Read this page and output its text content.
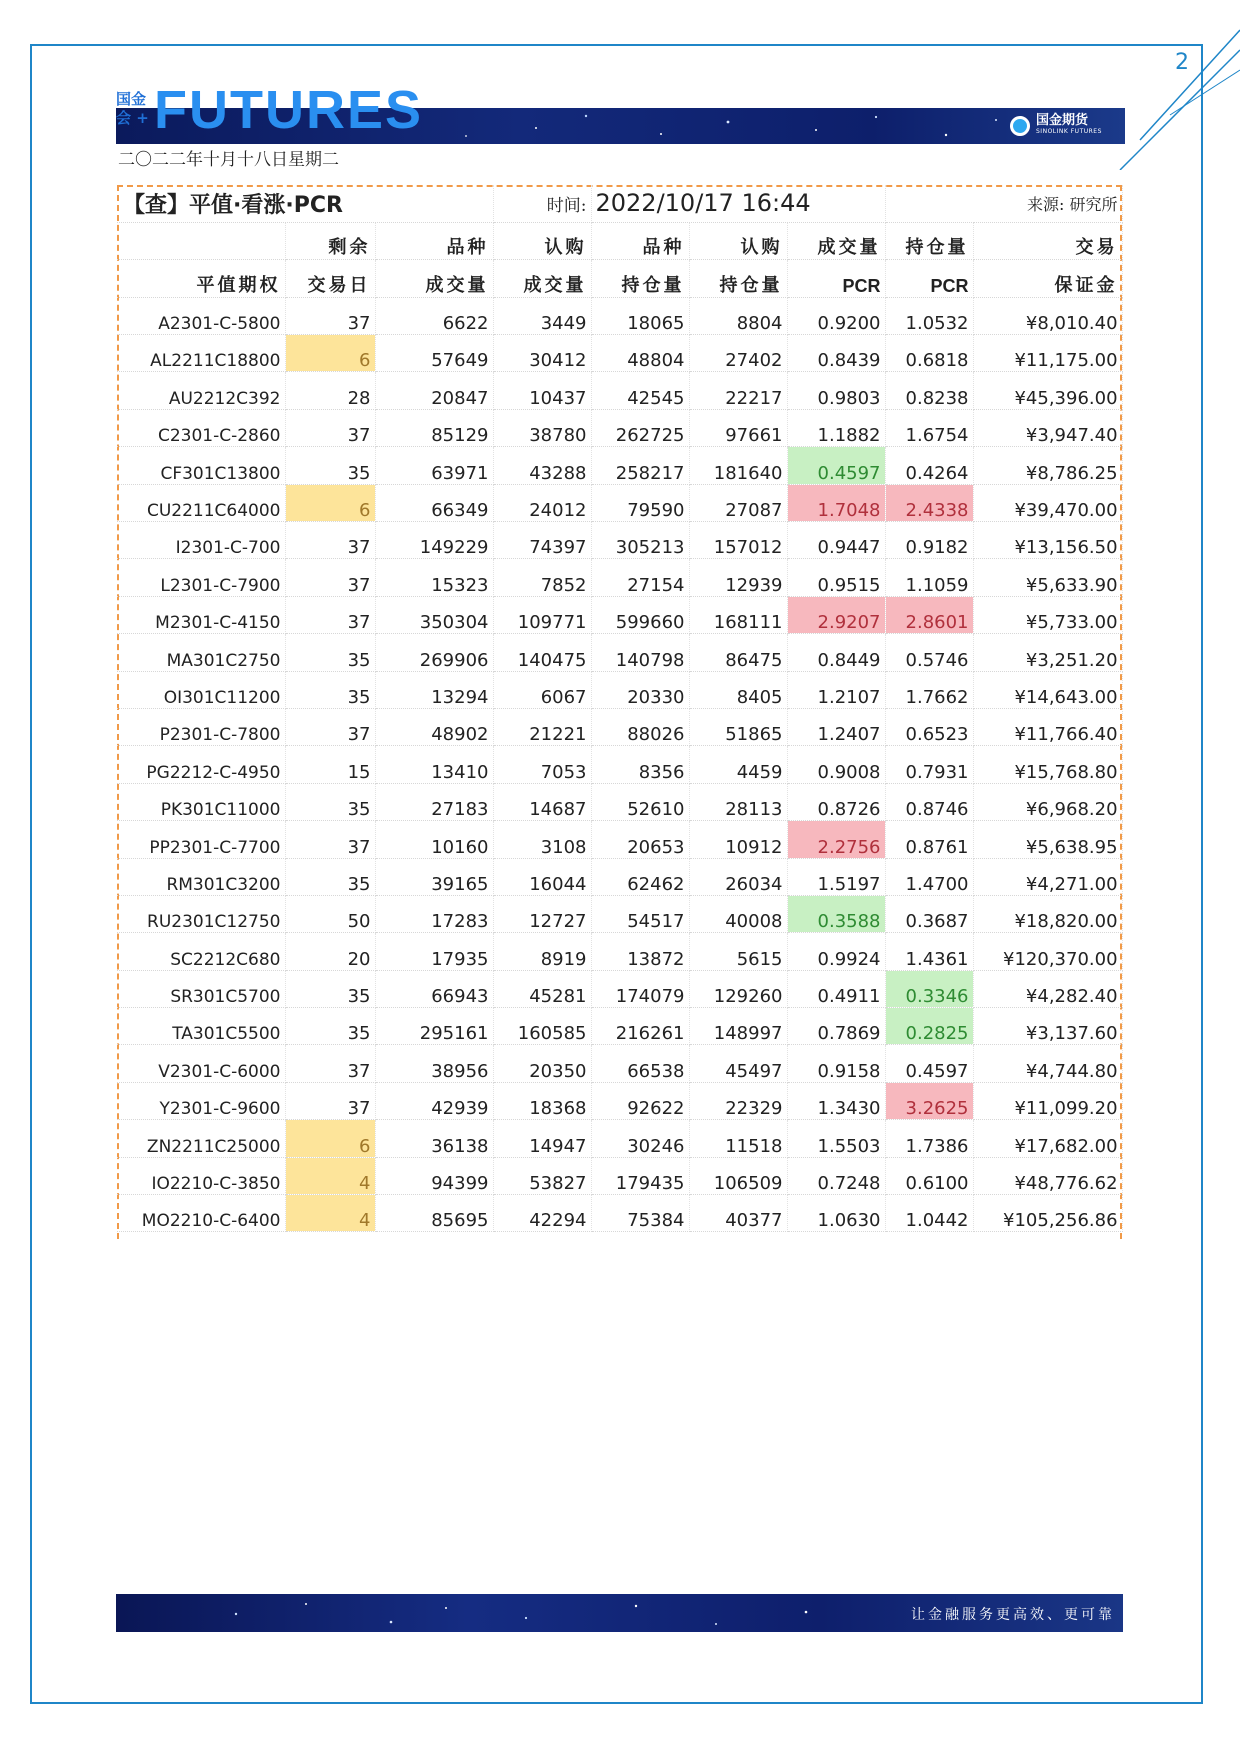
2
国金 会 + FUTURES	国金期货
SINOLINK FUTURES
二〇二二年十月十八日星期二
【查】平值·看涨·PCR			时间:	2022/10/17 16:44			来源: 研究所	
	剩余	品种	认购	品种	认购	成交量	持仓量	交易
平值期权	交易日	成交量	成交量	持仓量	持仓量	PCR	PCR	保证金
A2301-C-5800	37	6622	3449	18065	8804	0.9200	1.0532	¥8,010.40
AL2211C18800	6	57649	30412	48804	27402	0.8439	0.6818	¥11,175.00
AU2212C392	28	20847	10437	42545	22217	0.9803	0.8238	¥45,396.00
C2301-C-2860	37	85129	38780	262725	97661	1.1882	1.6754	¥3,947.40
CF301C13800	35	63971	43288	258217	181640	0.4597	0.4264	¥8,786.25
CU2211C64000	6	66349	24012	79590	27087	1.7048	2.4338	¥39,470.00
I2301-C-700	37	149229	74397	305213	157012	0.9447	0.9182	¥13,156.50
L2301-C-7900	37	15323	7852	27154	12939	0.9515	1.1059	¥5,633.90
M2301-C-4150	37	350304	109771	599660	168111	2.9207	2.8601	¥5,733.00
MA301C2750	35	269906	140475	140798	86475	0.8449	0.5746	¥3,251.20
OI301C11200	35	13294	6067	20330	8405	1.2107	1.7662	¥14,643.00
P2301-C-7800	37	48902	21221	88026	51865	1.2407	0.6523	¥11,766.40
PG2212-C-4950	15	13410	7053	8356	4459	0.9008	0.7931	¥15,768.80
PK301C11000	35	27183	14687	52610	28113	0.8726	0.8746	¥6,968.20
PP2301-C-7700	37	10160	3108	20653	10912	2.2756	0.8761	¥5,638.95
RM301C3200	35	39165	16044	62462	26034	1.5197	1.4700	¥4,271.00
RU2301C12750	50	17283	12727	54517	40008	0.3588	0.3687	¥18,820.00
SC2212C680	20	17935	8919	13872	5615	0.9924	1.4361	¥120,370.00
SR301C5700	35	66943	45281	174079	129260	0.4911	0.3346	¥4,282.40
TA301C5500	35	295161	160585	216261	148997	0.7869	0.2825	¥3,137.60
V2301-C-6000	37	38956	20350	66538	45497	0.9158	0.4597	¥4,744.80
Y2301-C-9600	37	42939	18368	92622	22329	1.3430	3.2625	¥11,099.20
ZN2211C25000	6	36138	14947	30246	11518	1.5503	1.7386	¥17,682.00
IO2210-C-3850	4	94399	53827	179435	106509	0.7248	0.6100	¥48,776.62
MO2210-C-6400	4	85695	42294	75384	40377	1.0630	1.0442	¥105,256.86
让金融服务更高效、更可靠
